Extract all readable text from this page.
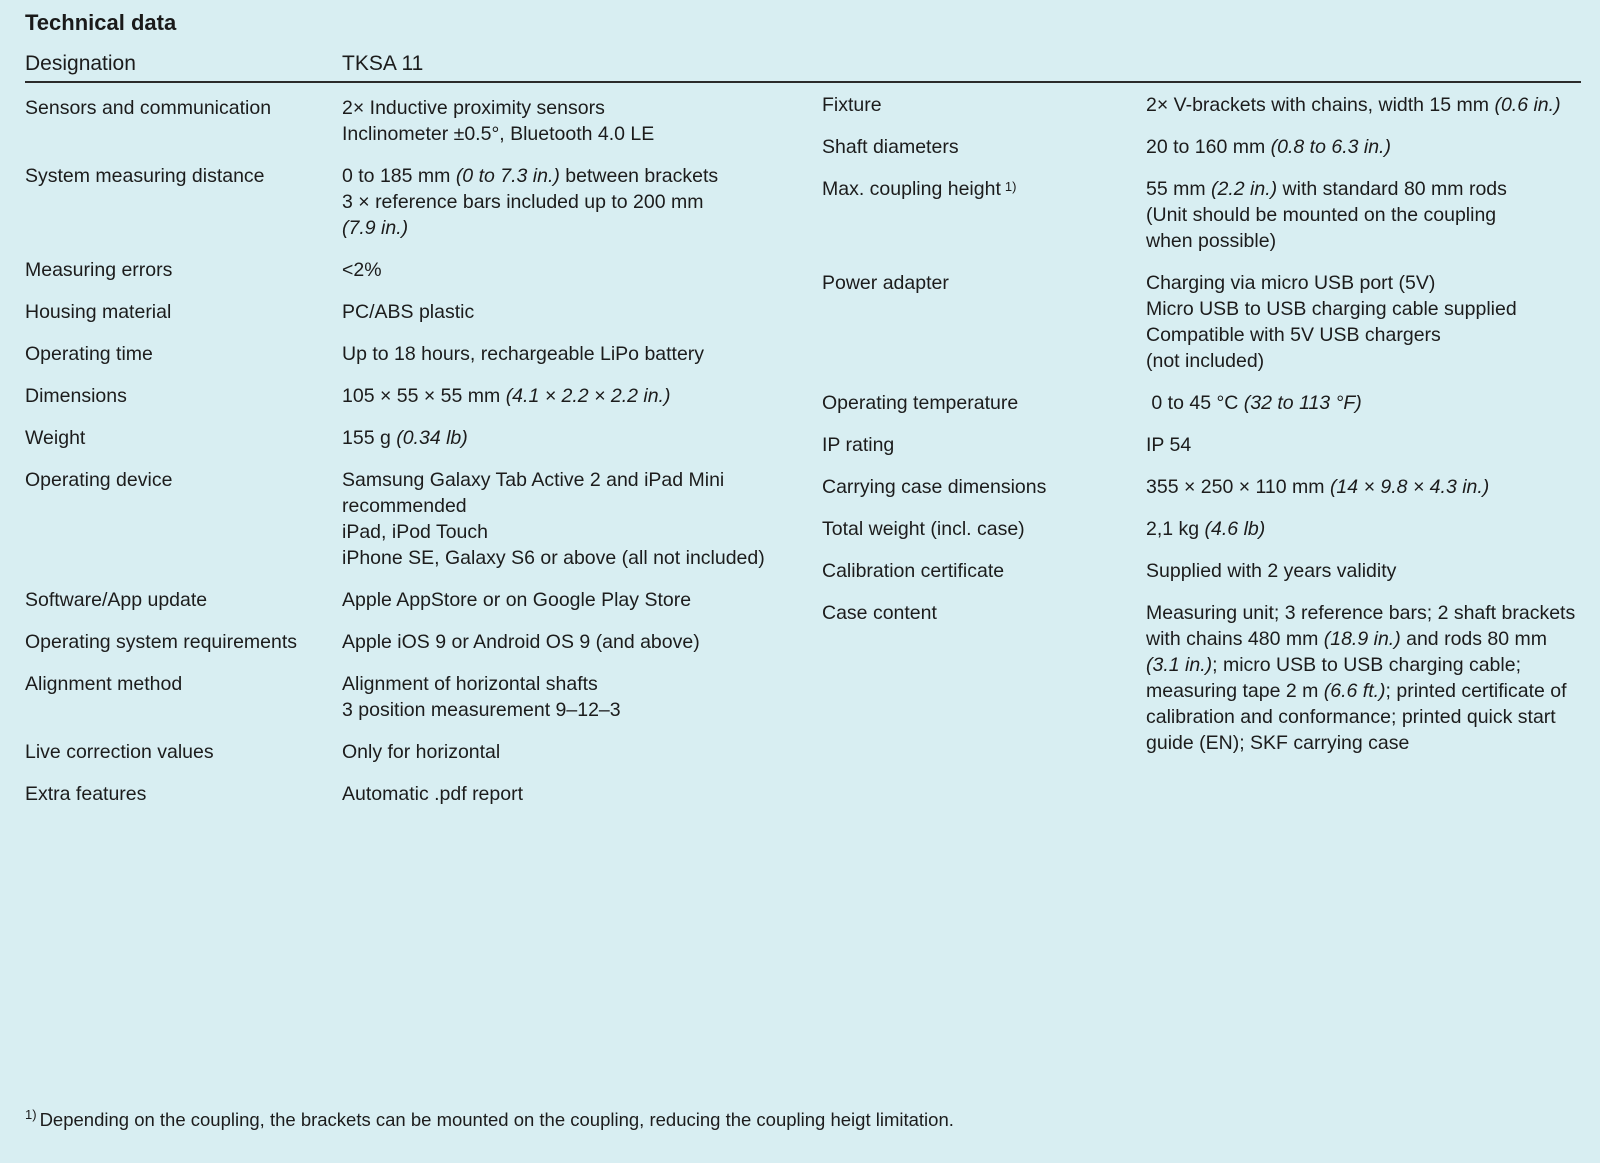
Technical data
Designation	TKSA 11
Sensors and communication	2× Inductive proximity sensors
Inclinometer ±0.5°, Bluetooth 4.0 LE
System measuring distance	0 to 185 mm (0 to 7.3 in.) between brackets
3 × reference bars included up to 200 mm
(7.9 in.)
Measuring errors	<2%
Housing material	PC/ABS plastic
Operating time	Up to 18 hours, rechargeable LiPo battery
Dimensions	105 × 55 × 55 mm (4.1 × 2.2 × 2.2 in.)
Weight	155 g (0.34 lb)
Operating device	Samsung Galaxy Tab Active 2 and iPad Mini
recommended
iPad, iPod Touch
iPhone SE, Galaxy S6 or above (all not included)
Software/App update	Apple AppStore or on Google Play Store
Operating system requirements	Apple iOS 9 or Android OS 9 (and above)
Alignment method	Alignment of horizontal shafts
3 position measurement 9–12–3
Live correction values	Only for horizontal
Extra features	Automatic .pdf report
Fixture	2× V-brackets with chains, width 15 mm (0.6 in.)
Shaft diameters	20 to 160 mm (0.8 to 6.3 in.)
Max. coupling height $^{1)}$	55 mm (2.2 in.) with standard 80 mm rods
(Unit should be mounted on the coupling
when possible)
Power adapter	Charging via micro USB port (5V)
Micro USB to USB charging cable supplied
Compatible with 5V USB chargers
(not included)
Operating temperature	0 to 45 °C (32 to 113 °F)
IP rating	IP 54
Carrying case dimensions	355 × 250 × 110 mm (14 × 9.8 × 4.3 in.)
Total weight (incl. case)	2,1 kg (4.6 lb)
Calibration certificate	Supplied with 2 years validity
Case content	Measuring unit; 3 reference bars; 2 shaft brackets
with chains 480 mm (18.9 in.) and rods 80 mm
(3.1 in.); micro USB to USB charging cable;
measuring tape 2 m (6.6 ft.); printed certificate of
calibration and conformance; printed quick start
guide (EN); SKF carrying case
$^{1)}$ Depending on the coupling, the brackets can be mounted on the coupling, reducing the coupling heigt limitation.
